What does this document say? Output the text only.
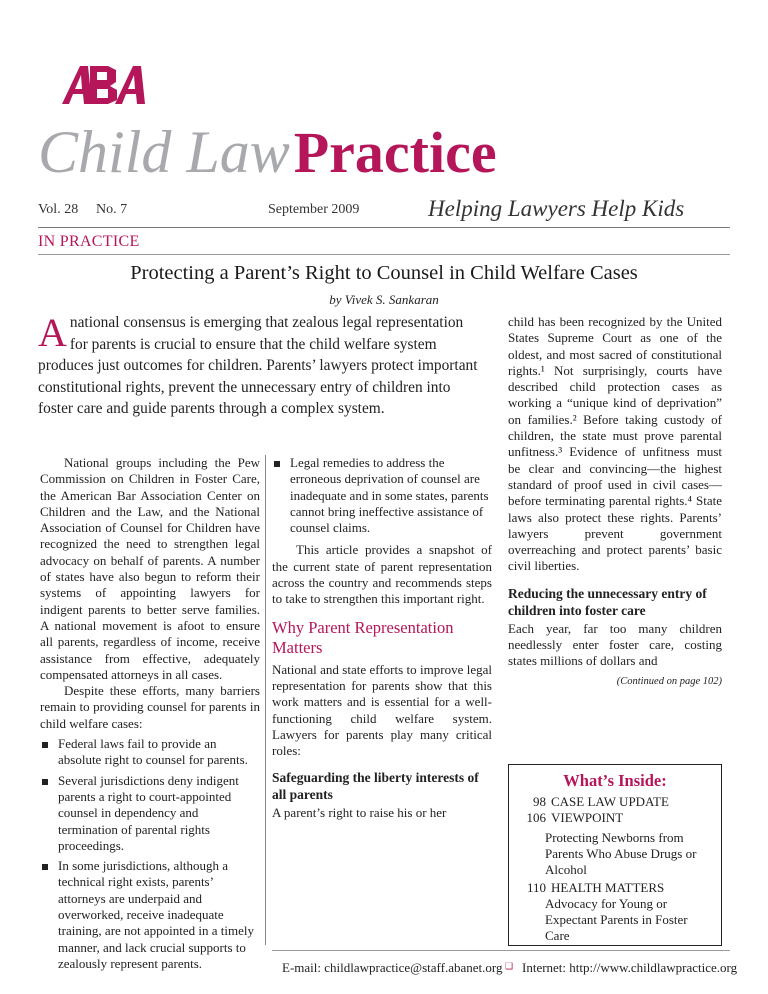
Child Law Practice
Vol. 28 No. 7	September 2009	Helping Lawyers Help Kids
IN PRACTICE
Protecting a Parent’s Right to Counsel in Child Welfare Cases
by Vivek S. Sankaran
Anational consensus is emerging that zealous legal representation for parents is crucial to ensure that the child welfare system produces just outcomes for children. Parents’ lawyers protect important constitutional rights, prevent the unnecessary entry of children into foster care and guide parents through a complex system.

National groups including the Pew Commission on Children in Foster Care, the American Bar Association Center on Children and the Law, and the National Association of Counsel for Children have recognized the need to strengthen legal advocacy on behalf of parents. A number of states have also begun to reform their systems of appointing lawyers for indigent parents to better serve families. A national movement is afoot to ensure all parents, regardless of income, receive assistance from effective, adequately compensated attorneys in all cases.

Despite these efforts, many barriers remain to providing counsel for parents in child welfare cases:

Federal laws fail to provide an absolute right to counsel for parents.
Several jurisdictions deny indigent parents a right to court-appointed counsel in dependency and termination of parental rights proceedings.
In some jurisdictions, although a technical right exists, parents’ attorneys are underpaid and overworked, receive inadequate training, are not appointed in a timely manner, and lack crucial supports to zealously represent parents.
Legal remedies to address the erroneous deprivation of counsel are inadequate and in some states, parents cannot bring ineffective assistance of counsel claims.

This article provides a snapshot of the current state of parent representation across the country and recommends steps to take to strengthen this important right.

Why Parent Representation Matters

National and state efforts to improve legal representation for parents show that this work matters and is essential for a well-functioning child welfare system. Lawyers for parents play many critical roles:

Safeguarding the liberty interests of all parents

A parent’s right to raise his or her

child has been recognized by the United States Supreme Court as one of the oldest, and most sacred of constitutional rights.¹ Not surprisingly, courts have described child protection cases as working a “unique kind of deprivation” on families.² Before taking custody of children, the state must prove parental unfitness.³ Evidence of unfitness must be clear and convincing—the highest standard of proof used in civil cases—before terminating parental rights.⁴ State laws also protect these rights. Parents’ lawyers prevent government overreaching and protect parents’ basic civil liberties.

Reducing the unnecessary entry of children into foster care

Each year, far too many children needlessly enter foster care, costing states millions of dollars and

(Continued on page 102)
What’s Inside:
98 CASE LAW UPDATE
106 VIEWPOINT
Protecting Newborns from Parents Who Abuse Drugs or Alcohol
110 HEALTH MATTERS
Advocacy for Young or Expectant Parents in Foster Care
E-mail: childlawpractice@staff.abanet.org ❏ Internet: http://www.childlawpractice.org
